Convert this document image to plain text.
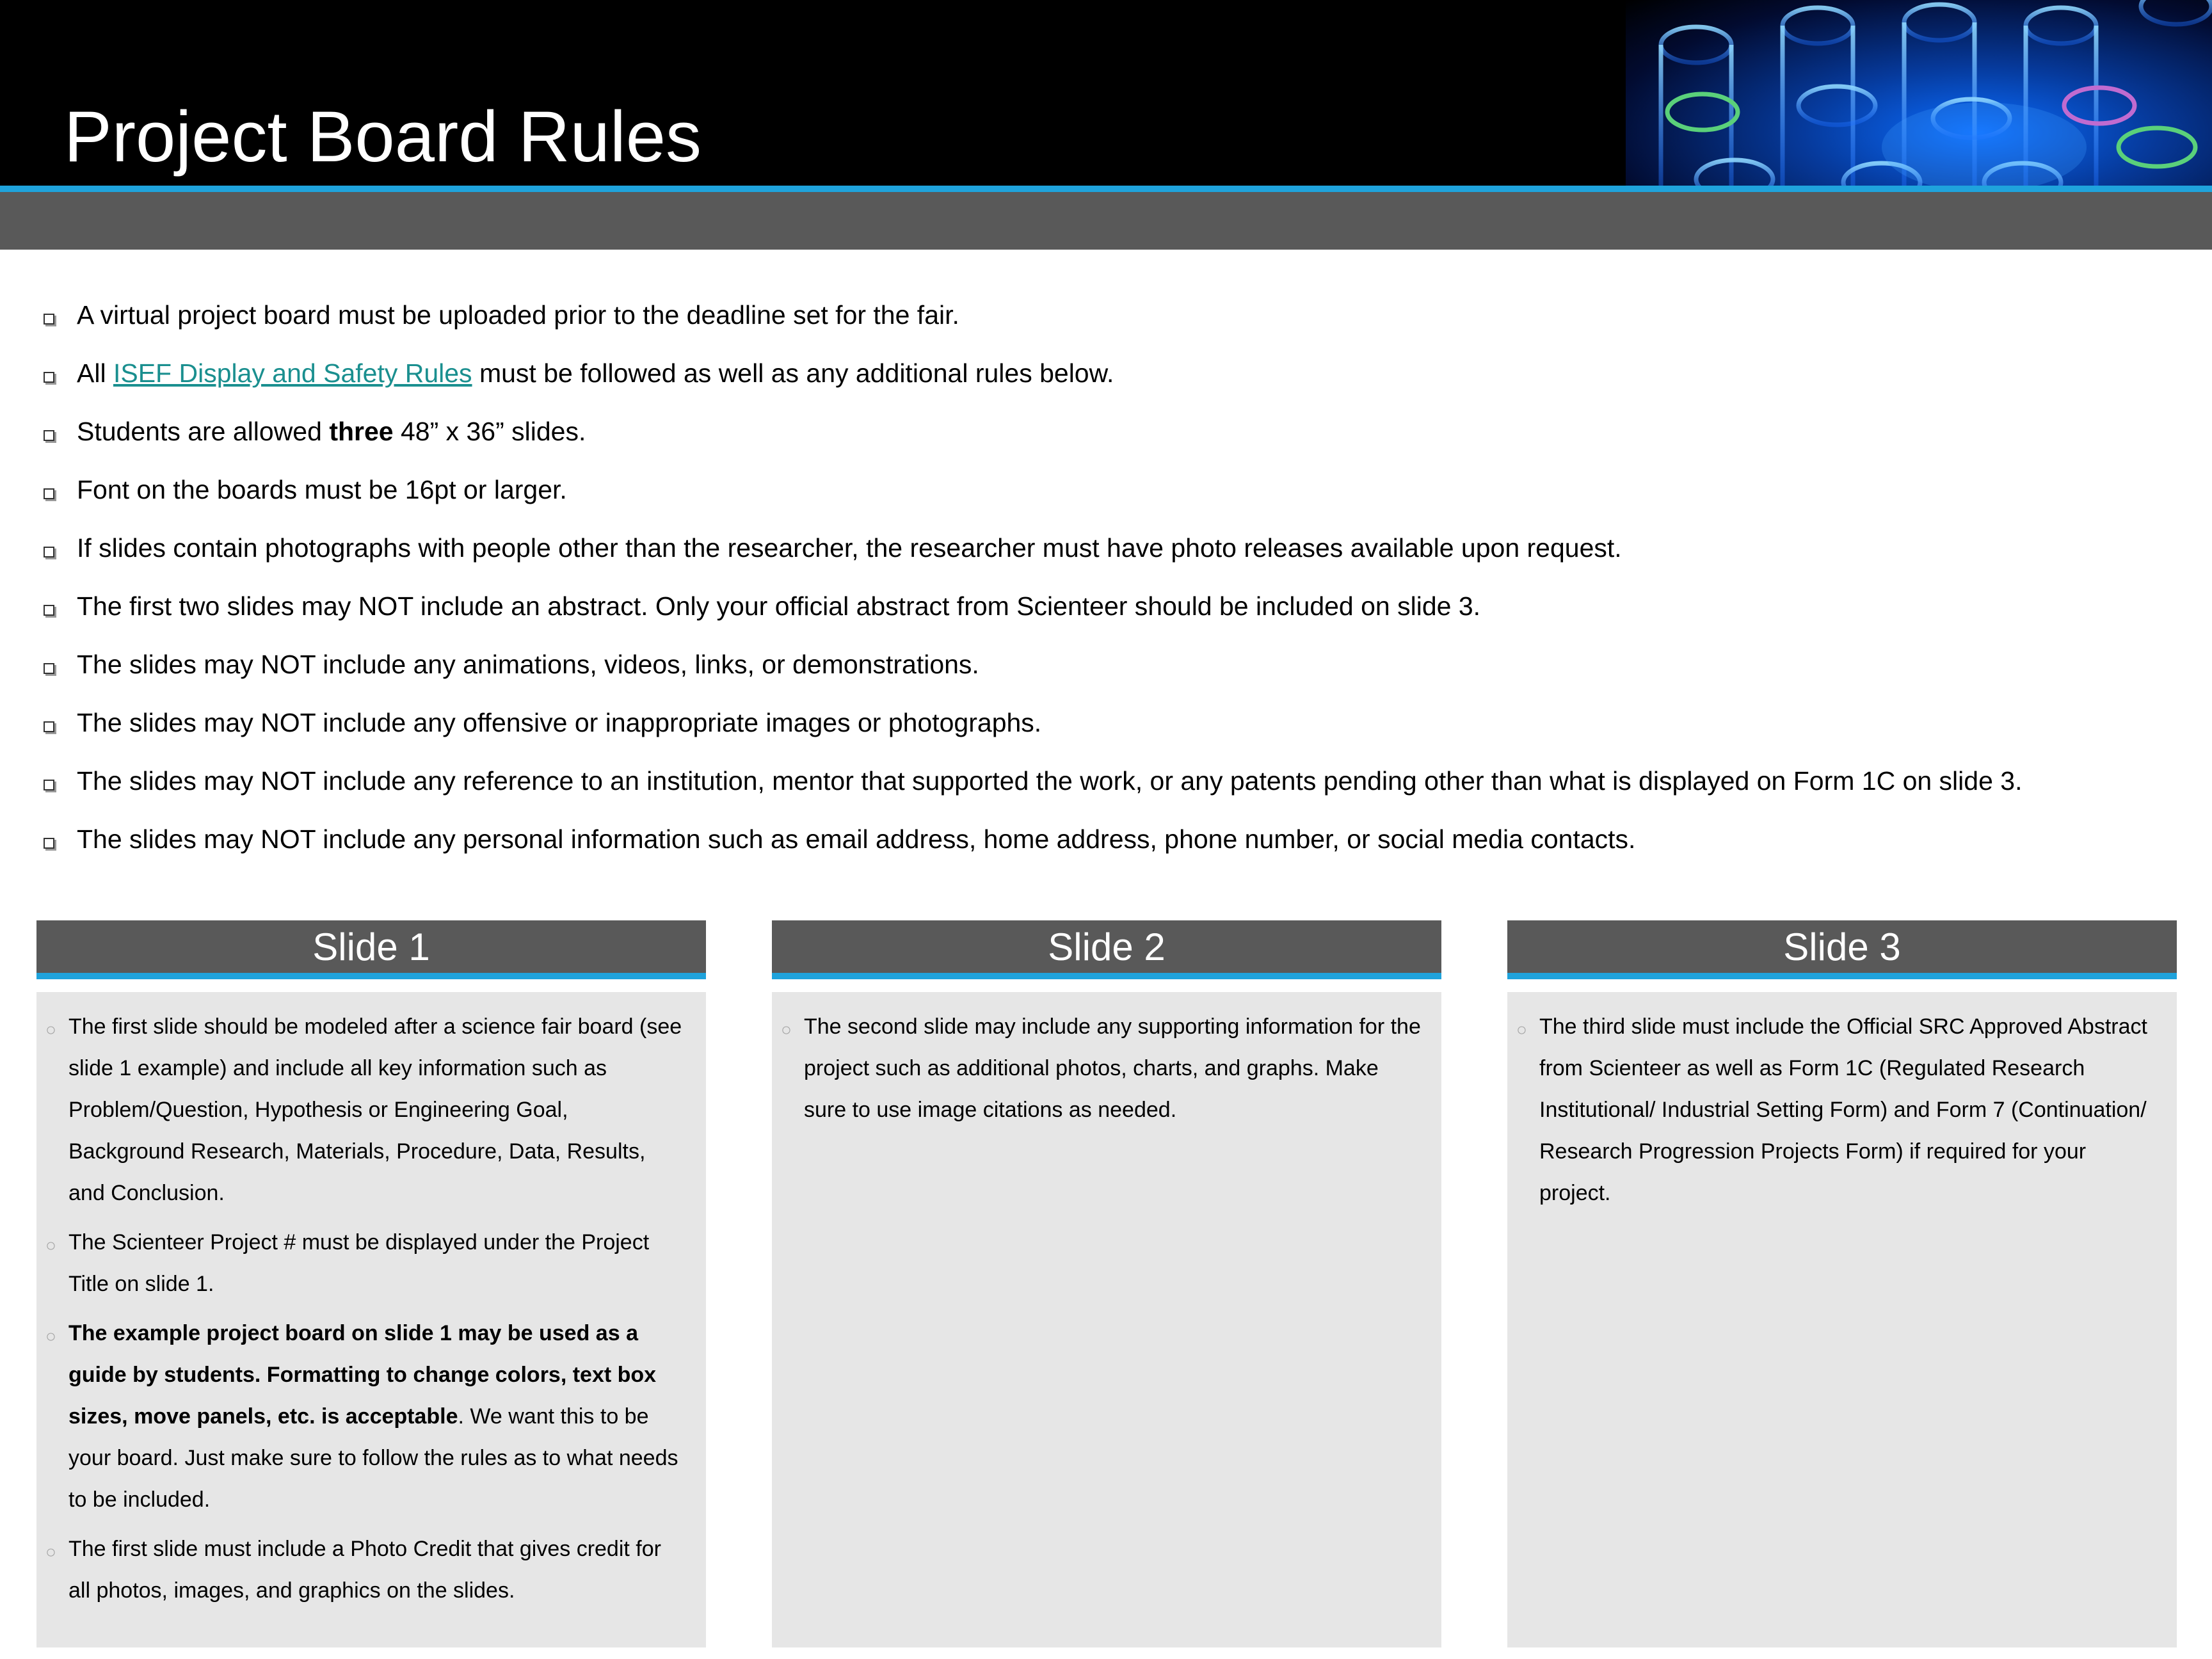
Project Board Rules
A virtual project board must be uploaded prior to the deadline set for the fair.
All ISEF Display and Safety Rules must be followed as well as any additional rules below.
Students are allowed three 48” x 36” slides.
Font on the boards must be 16pt or larger.
If slides contain photographs with people other than the researcher, the researcher must have photo releases available upon request.
The first two slides may NOT include an abstract. Only your official abstract from Scienteer should be included on slide 3.
The slides may NOT include any animations, videos, links, or demonstrations.
The slides may NOT include any offensive or inappropriate images or photographs.
The slides may NOT include any reference to an institution, mentor that supported the work, or any patents pending other than what is displayed on Form 1C on slide 3.
The slides may NOT include any personal information such as email address, home address, phone number, or social media contacts.
Slide 1
○ The first slide should be modeled after a science fair board (see slide 1 example) and include all key information such as Problem/Question, Hypothesis or Engineering Goal, Background Research, Materials, Procedure, Data, Results, and Conclusion.
○ The Scienteer Project # must be displayed under the Project Title on slide 1.
○ The example project board on slide 1 may be used as a guide by students. Formatting to change colors, text box sizes, move panels, etc. is acceptable. We want this to be your board. Just make sure to follow the rules as to what needs to be included.
○ The first slide must include a Photo Credit that gives credit for all photos, images, and graphics on the slides.
Slide 2
○ The second slide may include any supporting information for the project such as additional photos, charts, and graphs. Make sure to use image citations as needed.
Slide 3
○ The third slide must include the Official SRC Approved Abstract from Scienteer as well as Form 1C (Regulated Research Institutional/ Industrial Setting Form) and Form 7 (Continuation/ Research Progression Projects Form) if required for your project.
